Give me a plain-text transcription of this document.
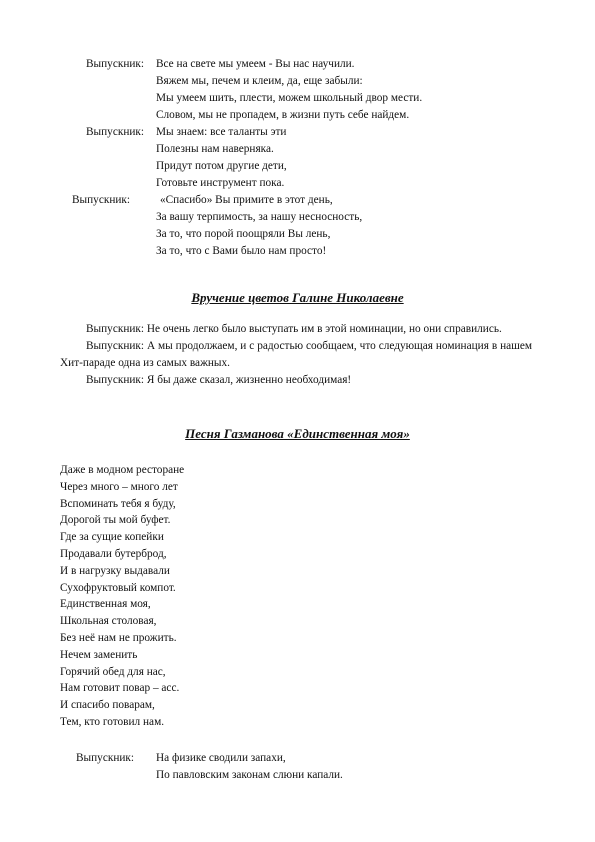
Выпускник: Все на свете мы умеем - Вы нас научили.
Вяжем мы, печем и клеим, да, еще забыли:
Мы умеем шить, плести, можем школьный двор мести.
Словом, мы не пропадем, в жизни путь себе найдем.
Выпускник: Мы знаем: все таланты эти
Полезны нам наверняка.
Придут потом другие дети,
Готовьте инструмент пока.
Выпускник:	«Спасибо» Вы примите в этот день,
За вашу терпимость, за нашу несносность,
За то, что порой поощряли Вы лень,
За то, что с Вами было нам просто!
Вручение цветов Галине Николаевне

Выпускник: Не очень легко было выступать им в этой номинации, но они справились.

Выпускник: А мы продолжаем, и с радостью сообщаем, что следующая номинация в нашем Хит-параде одна из самых важных.

Выпускник: Я бы даже сказал, жизненно необходимая!

Песня Газманова «Единственная моя»
Даже в модном ресторане
Через много – много лет
Вспоминать тебя я буду,
Дорогой ты мой буфет.
Где за сущие копейки
Продавали бутерброд,
И в нагрузку выдавали
Сухофруктовый компот.
Единственная моя,
Школьная столовая,
Без неё нам не прожить.
Нечем заменить
Горячий обед для нас,
Нам готовит повар – асс.
И спасибо поварам,
Тем, кто готовил нам.
Выпускник: На физике сводили запахи,
По павловским законам слюни капали.
